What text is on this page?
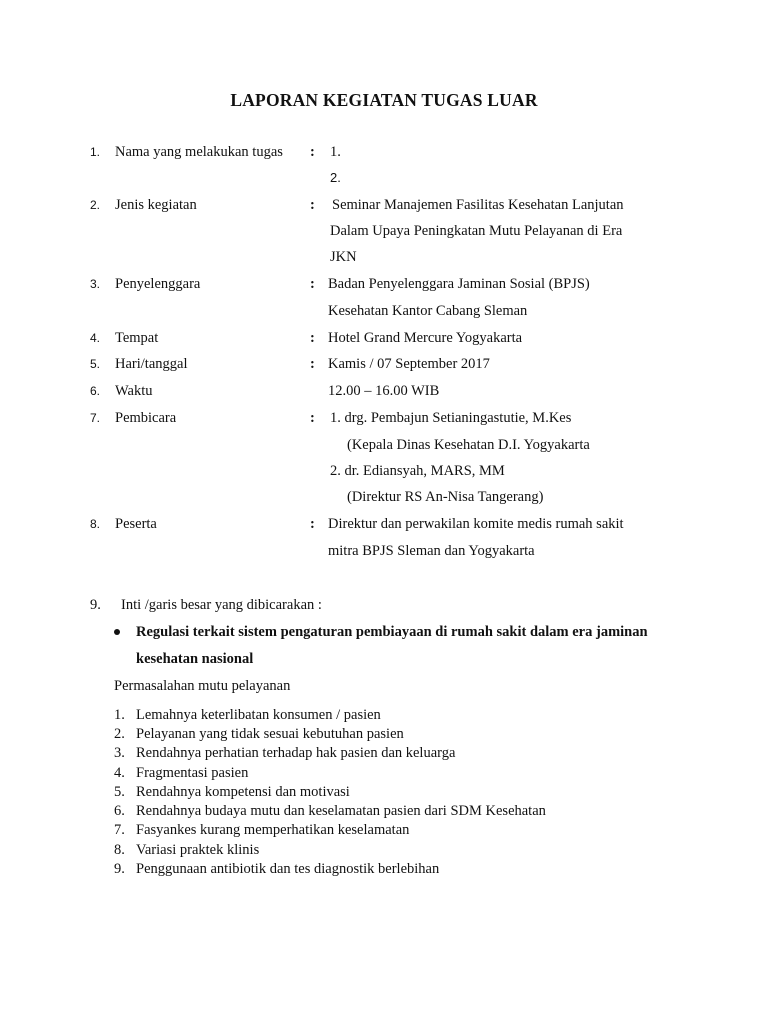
LAPORAN KEGIATAN TUGAS LUAR
1. Nama yang melakukan tugas : 1.
2.
2. Jenis kegiatan	: Seminar Manajemen Fasilitas Kesehatan Lanjutan
Dalam Upaya Peningkatan Mutu Pelayanan di Era
JKN
3. Penyelenggara	: Badan Penyelenggara Jaminan Sosial (BPJS)
Kesehatan Kantor Cabang Sleman
4. Tempat	: Hotel Grand Mercure Yogyakarta
5. Hari/tanggal	: Kamis / 07 September 2017
6. Waktu	12.00 – 16.00 WIB
7. Pembicara	: 1. drg. Pembajun Setianingastutie, M.Kes
(Kepala Dinas Kesehatan D.I. Yogyakarta
2. dr. Ediansyah, MARS, MM
(Direktur RS An-Nisa Tangerang)
8. Peserta	: Direktur dan perwakilan komite medis rumah sakit
mitra BPJS Sleman dan Yogyakarta
9. Inti /garis besar yang dibicarakan :
Regulasi terkait sistem pengaturan pembiayaan di rumah sakit dalam era jaminan
kesehatan nasional
Permasalahan mutu pelayanan
1. Lemahnya keterlibatan konsumen / pasien
2. Pelayanan yang tidak sesuai kebutuhan pasien
3. Rendahnya perhatian terhadap hak pasien dan keluarga
4. Fragmentasi pasien
5. Rendahnya kompetensi dan motivasi
6. Rendahnya budaya mutu dan keselamatan pasien dari SDM Kesehatan
7. Fasyankes kurang memperhatikan keselamatan
8. Variasi praktek klinis
9. Penggunaan antibiotik dan tes diagnostik berlebihan
